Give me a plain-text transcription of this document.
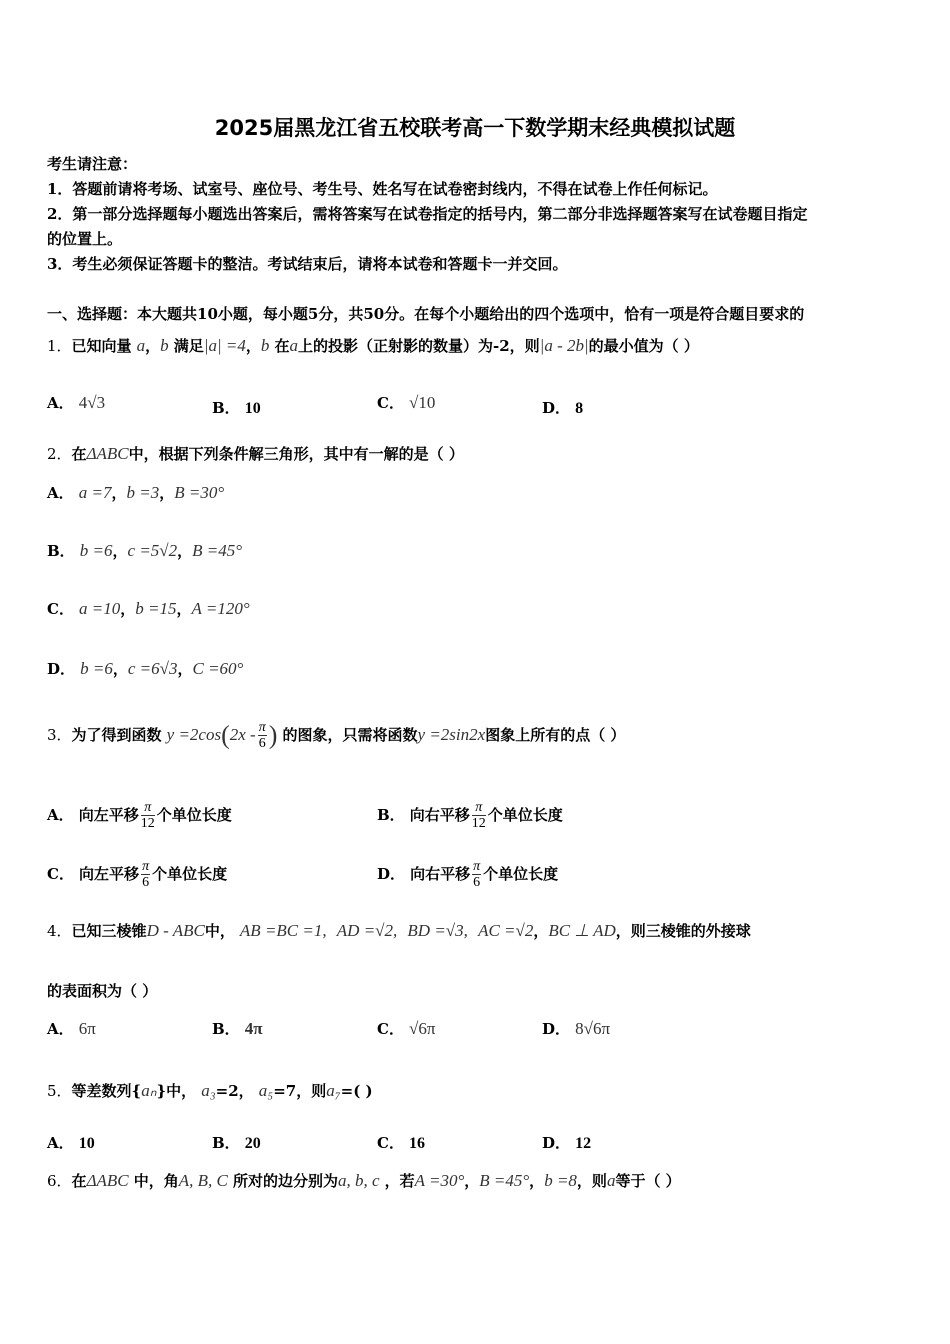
2025届黑龙江省五校联考高一下数学期末经典模拟试题
考生请注意：
1．答题前请将考场、试室号、座位号、考生号、姓名写在试卷密封线内，不得在试卷上作任何标记。
2．第一部分选择题每小题选出答案后，需将答案写在试卷指定的括号内，第二部分非选择题答案写在试卷题目指定
的位置上。
3．考生必须保证答题卡的整洁。考试结束后，请将本试卷和答题卡一并交回。
一、选择题：本大题共10小题，每小题5分，共50分。在每个小题给出的四个选项中，恰有一项是符合题目要求的
1．已知向量 a，b 满足|a| =4，b 在a上的投影（正射影的数量）为-2，则|a - 2b|的最小值为（ ）
A． 4√3	B． 10	C． √10	D． 8
2．在ΔABC中，根据下列条件解三角形，其中有一解的是（ ）
A． a =7，b =3，B =30°
B． b =6，c =5√2，B =45°
C． a =10，b =15，A =120°
D． b =6，c =6√3，C =60°
3．为了得到函数 $y =2\cos(2x - \frac{\pi}{6}$ ) 的图象，只需将函数y =2sin2x图象上所有的点（ ）
A． 向左平移 $\frac{\pi}{12}$ 个单位长度	B． 向右平移 $\frac{\pi}{12}$ 个单位长度
C． 向左平移 $\frac{\pi}{6}$ 个单位长度	D． 向右平移 $\frac{\pi}{6}$ 个单位长度
4．已知三棱锥D - ABC中， AB =BC =1, AD =√2, BD =√3, AC =√2，BC ⊥ AD，则三棱锥的外接球
的表面积为（ ）
A． 6π	B． 4π	C． √6π	D． 8√6π
5．等差数列{aₙ}中， a₃=2， a₅=7，则a₇=( )
A． 10	B． 20	C． 16	D． 12
6．在ΔABC 中，角A, B, C 所对的边分别为a, b, c ，若A =30°，B =45°，b =8，则a等于（ ）
